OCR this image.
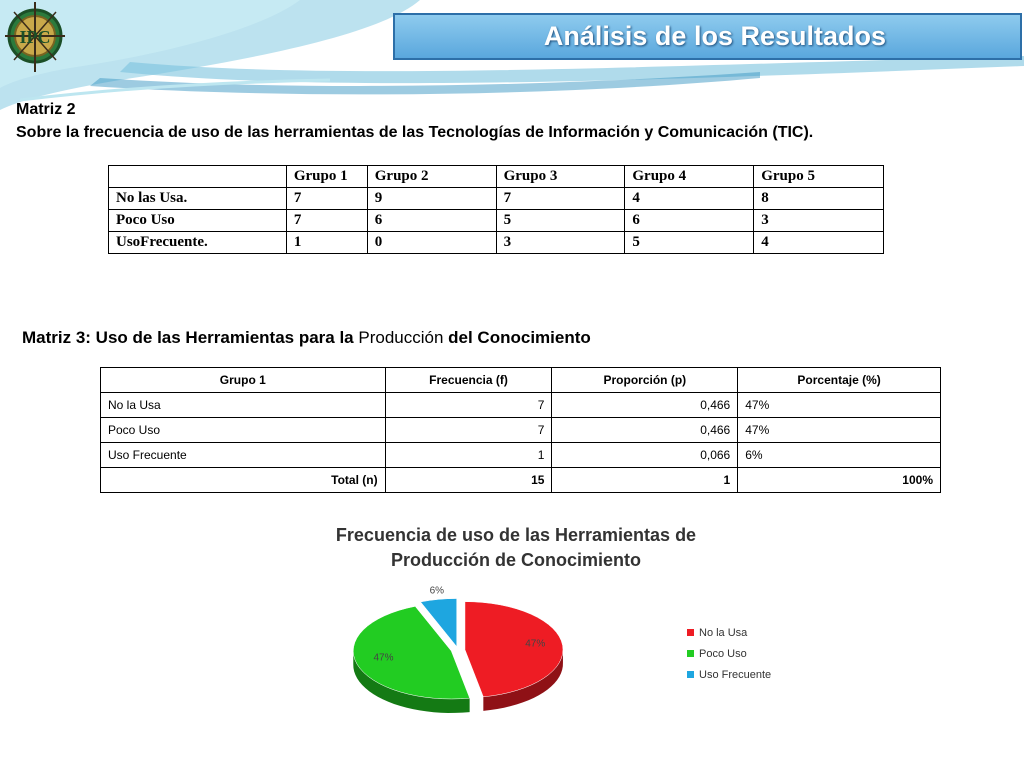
IPC	Análisis de los Resultados
Matriz 2
Sobre la frecuencia de uso de las herramientas de las Tecnologías de Información y Comunicación (TIC).
	Grupo 1	Grupo 2	Grupo 3	Grupo 4	Grupo 5
No las Usa.	7	9	7	4	8
Poco Uso	7	6	5	6	3
UsoFrecuente.	1	0	3	5	4
Matriz 3: Uso de las Herramientas para la Producción del Conocimiento
Grupo 1	Frecuencia (f)	Proporción (p)	Porcentaje (%)
No la Usa	7	0,466	47%
Poco Uso	7	0,466	47%
Uso Frecuente	1	0,066	6%
Total (n)	15	1	100%
Frecuencia de uso de las Herramientas de
Producción de Conocimiento
47%
47%
6%
No la Usa
Poco Uso
Uso Frecuente
